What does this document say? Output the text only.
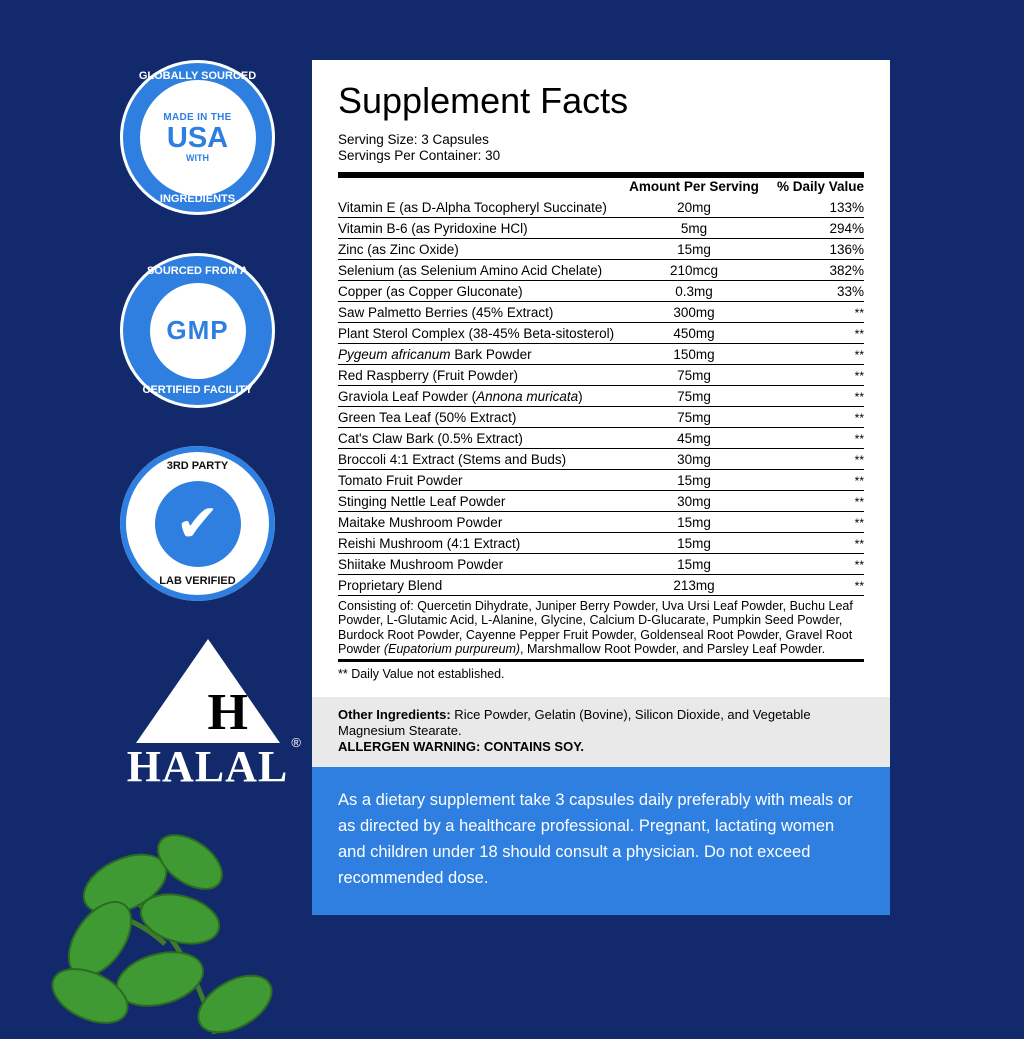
GLOBALLY SOURCED
INGREDIENTS
MADE IN THE
USA
WITH
SOURCED FROM A
CERTIFIED FACILITY
GMP
3RD PARTY
LAB VERIFIED
✔
H
HALAL ®
Supplement Facts
Serving Size: 3 Capsules
Servings Per Container: 30
	Amount Per Serving	% Daily Value
Vitamin E (as D-Alpha Tocopheryl Succinate)	20mg	133%
Vitamin B-6 (as Pyridoxine HCl)	5mg	294%
Zinc (as Zinc Oxide)	15mg	136%
Selenium (as Selenium Amino Acid Chelate)	210mcg	382%
Copper (as Copper Gluconate)	0.3mg	33%
Saw Palmetto Berries (45% Extract)	300mg	**
Plant Sterol Complex (38-45% Beta-sitosterol)	450mg	**
Pygeum africanum Bark Powder	150mg	**
Red Raspberry (Fruit Powder)	75mg	**
Graviola Leaf Powder (Annona muricata)	75mg	**
Green Tea Leaf (50% Extract)	75mg	**
Cat's Claw Bark (0.5% Extract)	45mg	**
Broccoli 4:1 Extract (Stems and Buds)	30mg	**
Tomato Fruit Powder	15mg	**
Stinging Nettle Leaf Powder	30mg	**
Maitake Mushroom Powder	15mg	**
Reishi Mushroom (4:1 Extract)	15mg	**
Shiitake Mushroom Powder	15mg	**
Proprietary Blend	213mg	**
Consisting of: Quercetin Dihydrate, Juniper Berry Powder, Uva Ursi Leaf Powder, Buchu Leaf Powder, L-Glutamic Acid, L-Alanine, Glycine, Calcium D-Glucarate, Pumpkin Seed Powder, Burdock Root Powder, Cayenne Pepper Fruit Powder, Goldenseal Root Powder, Gravel Root Powder (Eupatorium purpureum), Marshmallow Root Powder, and Parsley Leaf Powder.		
** Daily Value not established.
Other Ingredients: Rice Powder, Gelatin (Bovine), Silicon Dioxide, and Vegetable Magnesium Stearate.
ALLERGEN WARNING: CONTAINS SOY.
As a dietary supplement take 3 capsules daily preferably with meals or as directed by a healthcare professional. Pregnant, lactating women and children under 18 should consult a physician. Do not exceed recommended dose.
